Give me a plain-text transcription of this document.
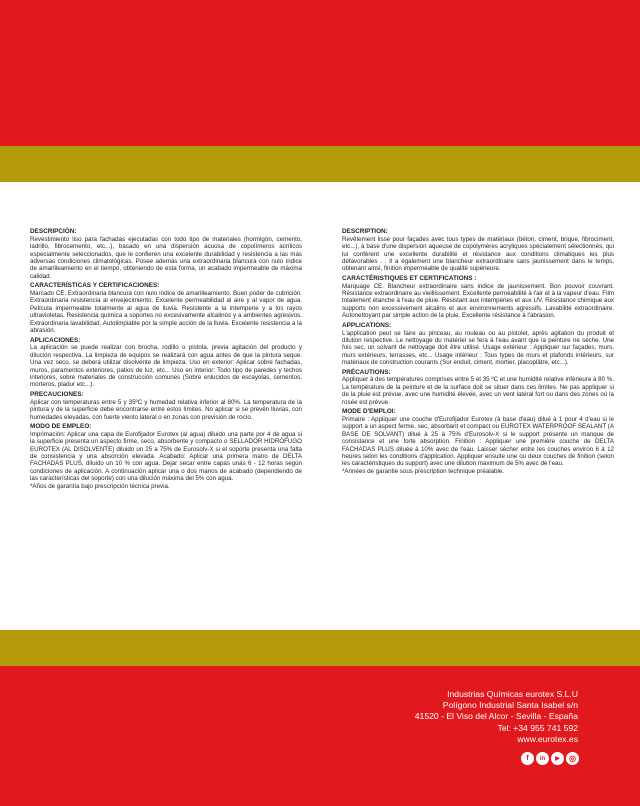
DESCRIPCIÓN:

Revestimiento liso para fachadas ejecutadas con todo tipo de materiales (hormigón, cemento, ladrillo, fibrocemento, etc...), basado en una dispersión acuosa de copolímeros acrílicos especialmente seleccionados, que le confieren una excelente durabilidad y resistencia a las más adversas condiciones climatológicas. Posee además una extraordinaria blancura con nulo índice de amarilleamiento en el tiempo, obteniendo de esta forma, un acabado impermeable de máxima calidad.

CARACTERÍSTICAS Y CERTIFICACIONES:

Marcado CE. Extraordinaria blancura con nulo índice de amarilleamiento. Buen poder de cubrición. Extraordinaria resistencia al envejecimiento. Excelente permeabilidad al aire y al vapor de agua. Película impermeable totalmente al agua de lluvia. Resistente a la intemperie y a los rayos ultravioletas. Resistencia química a soportes no excesivamente alcalinos y a ambientes agresivos. Extraordinaria lavabilidad. Autolimpiable por la simple acción de la lluvia. Excelente resistencia a la abrasión.

APLICACIONES:

La aplicación se puede realizar con brocha, rodillo o pistola, previa agitación del producto y dilución respectiva. La limpieza de equipos se realizará con agua antes de que la pintura seque. Una vez seco, se deberá utilizar disolvente de limpieza. Uso en exterior: Aplicar sobre fachadas, muros, paramentos exteriores, patios de luz, etc... Uso en interior: Todo tipo de paredes y techos interiores, sobre materiales de construcción comunes (Sobre enlucidos de escayolas, cementos, morteros, pladur etc...).

PRECAUCIONES:

Aplicar con temperaturas entre 5 y 35ºC y humedad relativa inferior al 80%. La temperatura de la pintura y de la superficie debe encontrarse entre estos límites. No aplicar si se prevén lluvias, con humedades elevadas, con fuerte viento lateral o en zonas con previsión de rocío.

MODO DE EMPLEO:

Imprimación: Aplicar una capa de Eurofijador Eurotex (al agua) diluido una parte por 4 de agua si la superficie presenta un aspecto firme, seco, absorbente y compacto o SELLADOR HIDRÓFUGO EUROTEX (AL DISOLVENTE) diluido un 25 a 75% de Eurosolv-X si el soporte presenta una falta de consistencia y una absorción elevada. Acabado: Aplicar una primera mano de DELTA FACHADAS PLUS, diluido un 10 % con agua. Dejar secar entre capas unas 6 - 12 horas según condiciones de aplicación. A continuación aplicar una o dos manos de acabado (dependiendo de las características del soporte) con una dilución máxima del 5% con agua.

*Años de garantía bajo prescripción técnica previa.

DESCRIPTION:

Revêtement lisse pour façades avec tous types de matériaux (béton, ciment, brique, fibrociment, etc...), à base d'une dispersion aqueuse de copolymères acryliques spécialement sélectionnés, qui lui confèrent une excellente durabilité et résistance aux conditions climatiques les plus défavorables . . Il a également une blancheur extraordinaire sans jaunissement dans le temps, obtenant ainsi, finition imperméable de qualité supérieure.

CARACTÉRISTIQUES ET CERTIFICATIONS :

Marquage CE. Blancheur extraordinaire sans indice de jaunissement. Bon pouvoir couvrant. Résistance extraordinaire au vieillissement. Excellente perméabilité à l'air et à la vapeur d'eau. Film totalement étanche à l'eau de pluie. Résistant aux intempéries et aux UV. Résistance chimique aux supports non excessivement alcalins et aux environnements agressifs. Lavabilité extraordinaire. Autonettoyant par simple action de la pluie. Excellente résistance à l'abrasion.

APPLICATIONS:

L'application peut se faire au pinceau, au rouleau ou au pistolet, après agitation du produit et dilution respective. Le nettoyage du matériel se fera à l'eau avant que la peinture ne sèche. Une fois sec, un solvant de nettoyage doit être utilisé. Usage extérieur : Appliquer sur façades, murs, murs extérieurs, terrasses, etc... Usage intérieur : Tous types de murs et plafonds intérieurs, sur matériaux de construction courants (Sur enduit, ciment, mortier, placoplâtre, etc...).

PRÉCAUTIONS:

Appliquer à des températures comprises entre 5 et 35 ºC et une humidité relative inférieure à 80 %. La température de la peinture et de la surface doit se situer dans ces limites. Ne pas appliquer si de la pluie est prévue, avec une humidité élevée, avec un vent latéral fort ou dans des zones où la rosée est prévue.

MODE D'EMPLOI:

Primaire : Appliquer une couche d'Eurofijador Eurotex (à base d'eau) dilué à 1 pour 4 d'eau si le support a un aspect ferme, sec, absorbant et compact ou EUROTEX WATERPROOF SEALANT (A BASE DE SOLVANT) dilué à 25 à 75% d'Eurosolv-X si le support présente un manque de consistance et une forte absorption. Finition : Appliquer une première couche de DELTA FACHADAS PLUS diluée à 10% avec de l'eau. Laisser sécher entre les couches environ 6 à 12 heures selon les conditions d'application. Appliquer ensuite une ou deux couches de finition (selon les caractéristiques du support) avec une dilution maximum de 5% avec de l'eau.

*Années de garantie sous prescription technique préalable.

Industrias Químicas eurotex S.L.U
Polígono Industrial Santa Isabel s/n
41520 - El Viso del Alcor - Sevilla - España
Tel: +34 955 741 592
www.eurotex.es
f	in	▶	◎
